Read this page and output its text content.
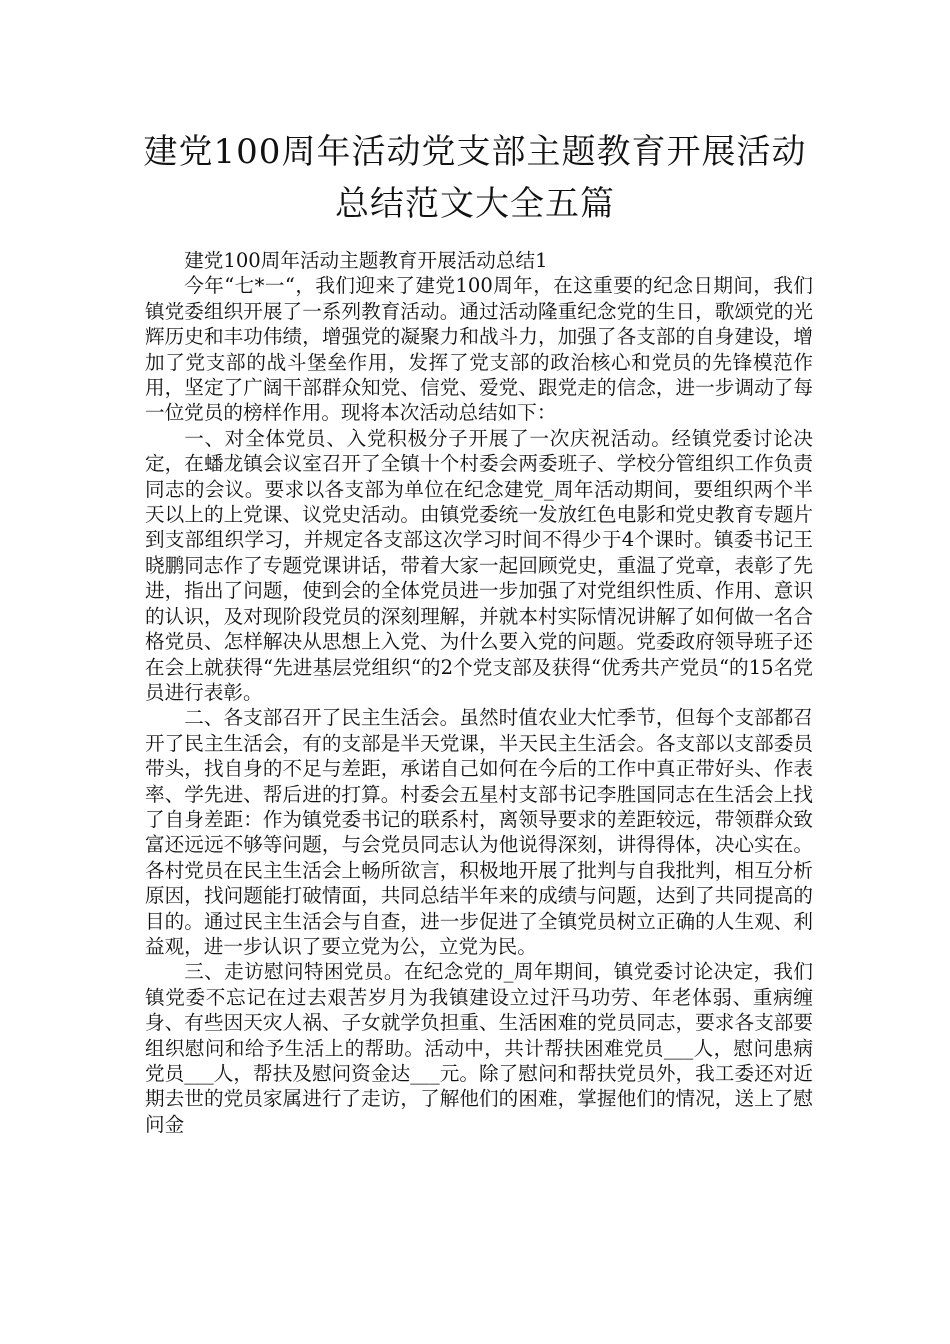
建党100周年活动党支部主题教育开展活动总结范文大全五篇

建党100周年活动主题教育开展活动总结1

今年“七*一“，我们迎来了建党100周年，在这重要的纪念日期间，我们镇党委组织开展了一系列教育活动。通过活动隆重纪念党的生日，歌颂党的光辉历史和丰功伟绩，增强党的凝聚力和战斗力，加强了各支部的自身建设，增加了党支部的战斗堡垒作用，发挥了党支部的政治核心和党员的先锋模范作用，坚定了广阔干部群众知党、信党、爱党、跟党走的信念，进一步调动了每一位党员的榜样作用。现将本次活动总结如下：

一、对全体党员、入党积极分子开展了一次庆祝活动。经镇党委讨论决定，在蟠龙镇会议室召开了全镇十个村委会两委班子、学校分管组织工作负责同志的会议。要求以各支部为单位在纪念建党_周年活动期间，要组织两个半天以上的上党课、议党史活动。由镇党委统一发放红色电影和党史教育专题片到支部组织学习，并规定各支部这次学习时间不得少于4个课时。镇委书记王晓鹏同志作了专题党课讲话，带着大家一起回顾党史，重温了党章，表彰了先进，指出了问题，使到会的全体党员进一步加强了对党组织性质、作用、意识的认识，及对现阶段党员的深刻理解，并就本村实际情况讲解了如何做一名合格党员、怎样解决从思想上入党、为什么要入党的问题。党委政府领导班子还在会上就获得“先进基层党组织“的2个党支部及获得“优秀共产党员“的15名党员进行表彰。

二、各支部召开了民主生活会。虽然时值农业大忙季节，但每个支部都召开了民主生活会，有的支部是半天党课，半天民主生活会。各支部以支部委员带头，找自身的不足与差距，承诺自己如何在今后的工作中真正带好头、作表率、学先进、帮后进的打算。村委会五星村支部书记李胜国同志在生活会上找了自身差距：作为镇党委书记的联系村，离领导要求的差距较远，带领群众致富还远远不够等问题，与会党员同志认为他说得深刻，讲得得体，决心实在。各村党员在民主生活会上畅所欲言，积极地开展了批判与自我批判，相互分析原因，找问题能打破情面，共同总结半年来的成绩与问题，达到了共同提高的目的。通过民主生活会与自查，进一步促进了全镇党员树立正确的人生观、利益观，进一步认识了要立党为公，立党为民。

三、走访慰问特困党员。在纪念党的_周年期间，镇党委讨论决定，我们镇党委不忘记在过去艰苦岁月为我镇建设立过汗马功劳、年老体弱、重病缠身、有些因天灾人祸、子女就学负担重、生活困难的党员同志，要求各支部要组织慰问和给予生活上的帮助。活动中，共计帮扶困难党员___人，慰问患病党员___人，帮扶及慰问资金达___元。除了慰问和帮扶党员外，我工委还对近期去世的党员家属进行了走访，了解他们的困难，掌握他们的情况，送上了慰问金
